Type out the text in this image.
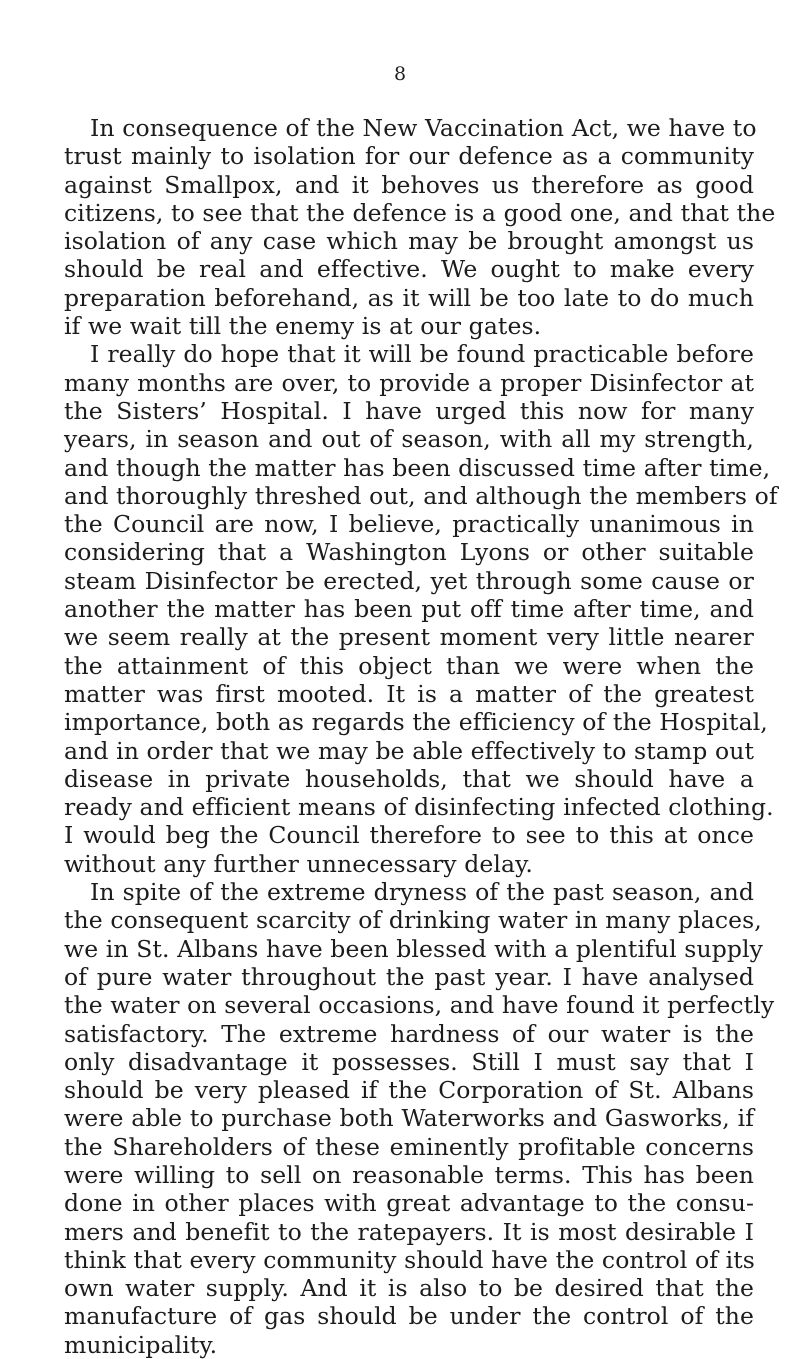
8
In consequence of the New Vaccination Act, we have to
trust mainly to isolation for our defence as a community
against Smallpox, and it behoves us therefore as good
citizens, to see that the defence is a good one, and that the
isolation of any case which may be brought amongst us
should be real and effective. We ought to make every
preparation beforehand, as it will be too late to do much
if we wait till the enemy is at our gates.
I really do hope that it will be found practicable before
many months are over, to provide a proper Disinfector at
the Sisters’ Hospital. I have urged this now for many
years, in season and out of season, with all my strength,
and though the matter has been discussed time after time,
and thoroughly threshed out, and although the members of
the Council are now, I believe, practically unanimous in
considering that a Washington Lyons or other suitable
steam Disinfector be erected, yet through some cause or
another the matter has been put off time after time, and
we seem really at the present moment very little nearer
the attainment of this object than we were when the
matter was first mooted. It is a matter of the greatest
importance, both as regards the efficiency of the Hospital,
and in order that we may be able effectively to stamp out
disease in private households, that we should have a
ready and efficient means of disinfecting infected clothing.
I would beg the Council therefore to see to this at once
without any further unnecessary delay.
In spite of the extreme dryness of the past season, and
the consequent scarcity of drinking water in many places,
we in St. Albans have been blessed with a plentiful supply
of pure water throughout the past year. I have analysed
the water on several occasions, and have found it perfectly
satisfactory. The extreme hardness of our water is the
only disadvantage it possesses. Still I must say that I
should be very pleased if the Corporation of St. Albans
were able to purchase both Waterworks and Gasworks, if
the Shareholders of these eminently profitable concerns
were willing to sell on reasonable terms. This has been
done in other places with great advantage to the consu-
mers and benefit to the ratepayers. It is most desirable I
think that every community should have the control of its
own water supply. And it is also to be desired that the
manufacture of gas should be under the control of the
municipality.
